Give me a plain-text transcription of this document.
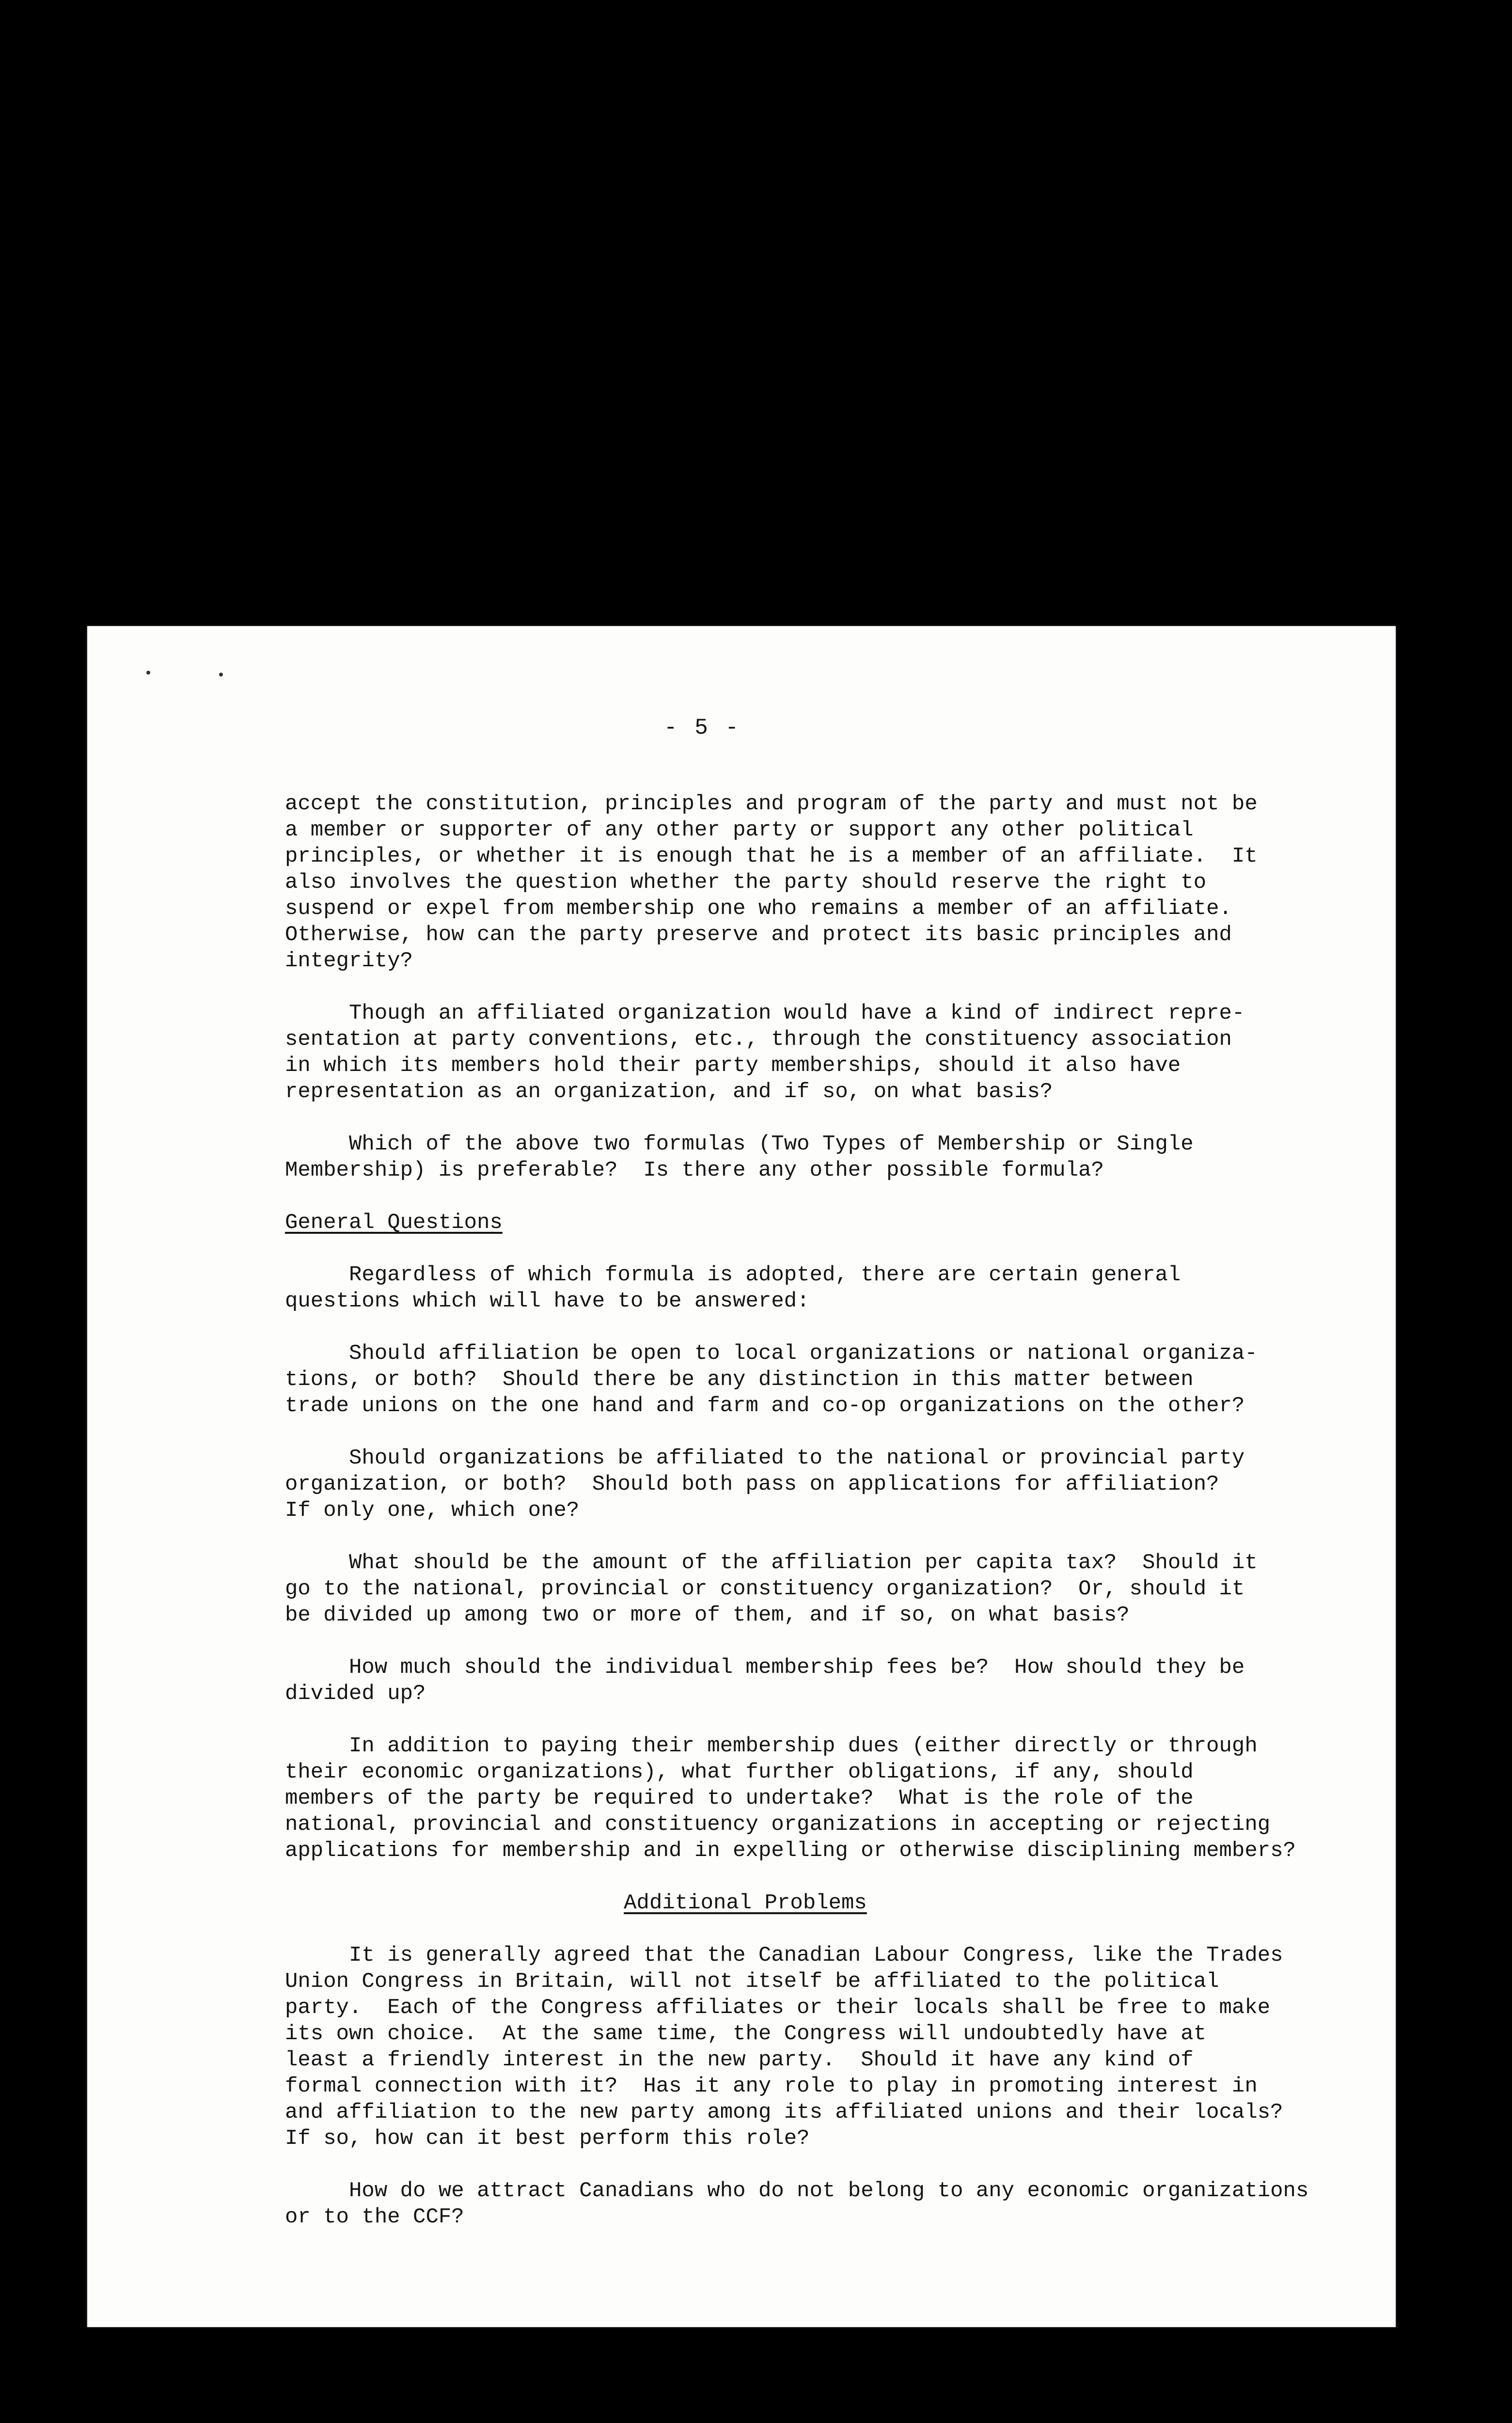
- 5 -
accept the constitution, principles and program of the party and must not be
a member or supporter of any other party or support any other political
principles, or whether it is enough that he is a member of an affiliate.  It
also involves the question whether the party should reserve the right to
suspend or expel from membership one who remains a member of an affiliate.
Otherwise, how can the party preserve and protect its basic principles and
integrity?
Though an affiliated organization would have a kind of indirect repre-
sentation at party conventions, etc., through the constituency association
in which its members hold their party memberships, should it also have
representation as an organization, and if so, on what basis?
Which of the above two formulas (Two Types of Membership or Single
Membership) is preferable?  Is there any other possible formula?
General Questions
Regardless of which formula is adopted, there are certain general
questions which will have to be answered:
Should affiliation be open to local organizations or national organiza-
tions, or both?  Should there be any distinction in this matter between
trade unions on the one hand and farm and co-op organizations on the other?
Should organizations be affiliated to the national or provincial party
organization, or both?  Should both pass on applications for affiliation?
If only one, which one?
What should be the amount of the affiliation per capita tax?  Should it
go to the national, provincial or constituency organization?  Or, should it
be divided up among two or more of them, and if so, on what basis?
How much should the individual membership fees be?  How should they be
divided up?
In addition to paying their membership dues (either directly or through
their economic organizations), what further obligations, if any, should
members of the party be required to undertake?  What is the role of the
national, provincial and constituency organizations in accepting or rejecting
applications for membership and in expelling or otherwise disciplining members?
Additional Problems
It is generally agreed that the Canadian Labour Congress, like the Trades
Union Congress in Britain, will not itself be affiliated to the political
party.  Each of the Congress affiliates or their locals shall be free to make
its own choice.  At the same time, the Congress will undoubtedly have at
least a friendly interest in the new party.  Should it have any kind of
formal connection with it?  Has it any role to play in promoting interest in
and affiliation to the new party among its affiliated unions and their locals?
If so, how can it best perform this role?
How do we attract Canadians who do not belong to any economic organizations
or to the CCF?
